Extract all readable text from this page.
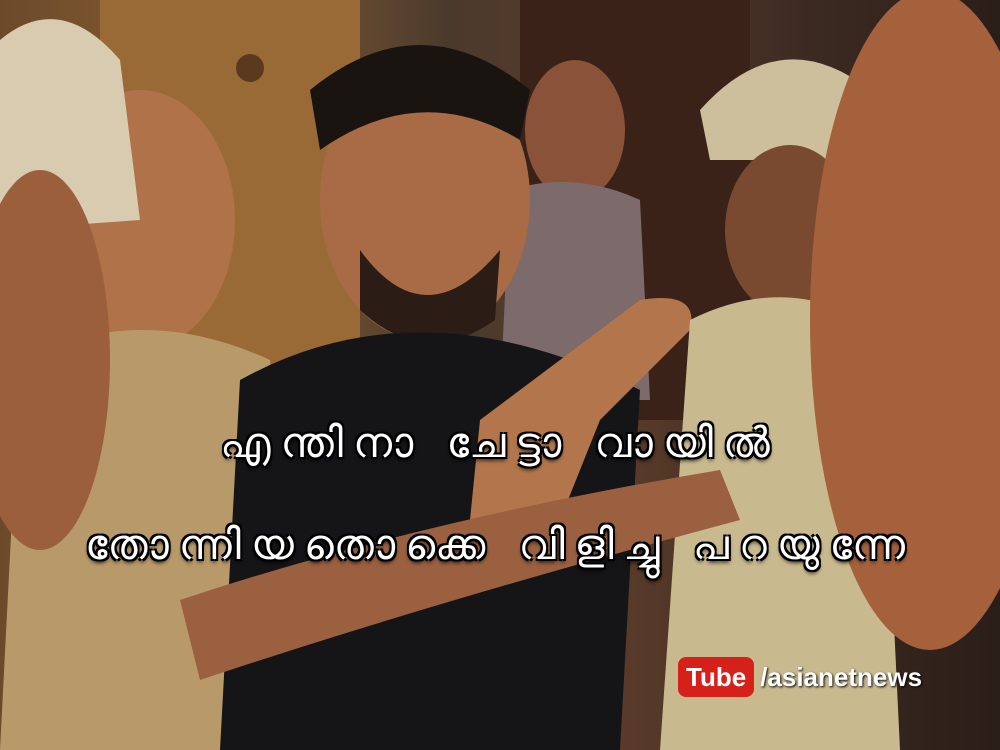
എന്തിനാ ചേട്ടാ വായിൽ
തോന്നിയതൊക്കെ വിളിച്ചു പറയുന്നേ
Tube /asianetnews
